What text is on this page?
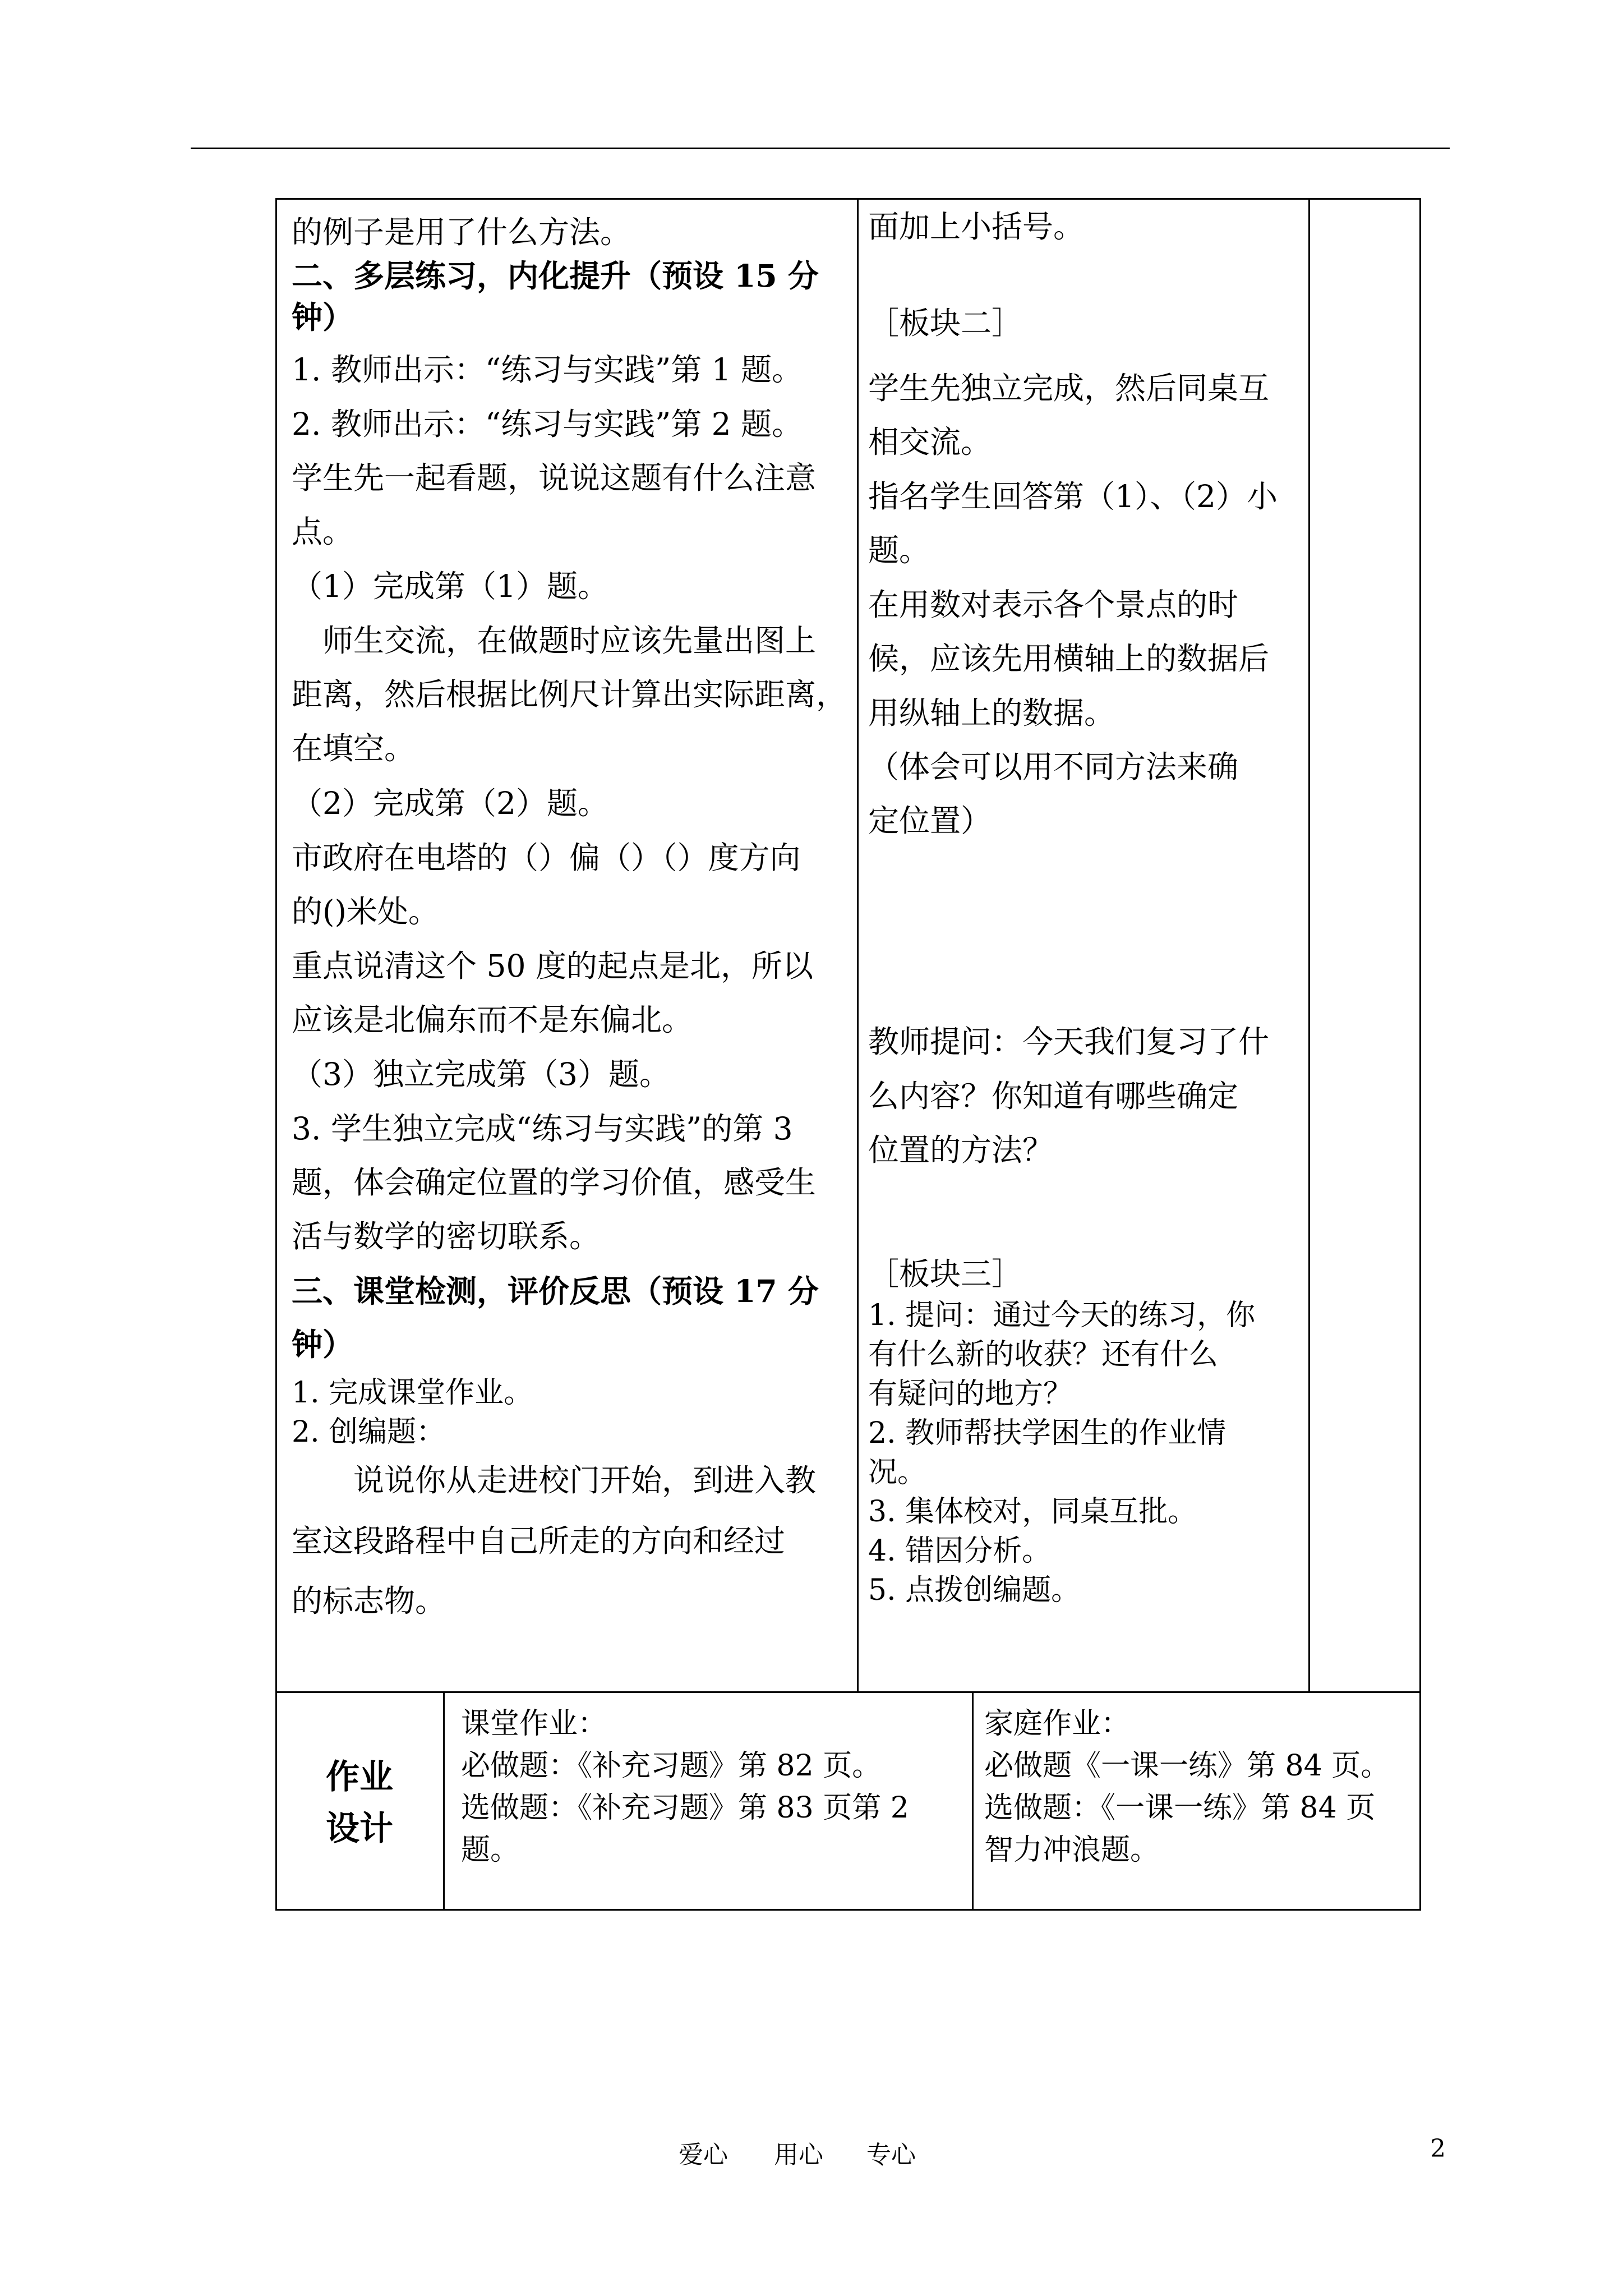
的例子是用了什么方法。
二、多层练习，内化提升（预设 15 分
钟）
1. 教师出示：“练习与实践”第 1 题。
2. 教师出示：“练习与实践”第 2 题。
学生先一起看题，说说这题有什么注意
点。
（1）完成第（1）题。
　师生交流，在做题时应该先量出图上
距离，然后根据比例尺计算出实际距离，
在填空。
（2）完成第（2）题。
市政府在电塔的（）偏（）（）度方向
的()米处。
重点说清这个 50 度的起点是北，所以
应该是北偏东而不是东偏北。
（3）独立完成第（3）题。
3. 学生独立完成“练习与实践”的第 3
题，体会确定位置的学习价值，感受生
活与数学的密切联系。
三、课堂检测，评价反思（预设 17 分
钟）
1. 完成课堂作业。
2. 创编题：
　　说说你从走进校门开始，到进入教
室这段路程中自己所走的方向和经过
的标志物。
面加上小括号。
［板块二］
学生先独立完成，然后同桌互
相交流。
指名学生回答第（1）、（2）小
题。
在用数对表示各个景点的时
候，应该先用横轴上的数据后
用纵轴上的数据。
（体会可以用不同方法来确
定位置）
教师提问：今天我们复习了什
么内容？你知道有哪些确定
位置的方法？
［板块三］
1. 提问：通过今天的练习，你
有什么新的收获？还有什么
有疑问的地方？
2. 教师帮扶学困生的作业情
况。
3. 集体校对，同桌互批。
4. 错因分析。
5. 点拨创编题。
作业
设计
课堂作业：
必做题：《补充习题》第 82 页。
选做题：《补充习题》第 83 页第 2
题。
家庭作业：
必做题《一课一练》第 84 页。
选做题：《一课一练》第 84 页
智力冲浪题。
爱心 用心 专心	2
